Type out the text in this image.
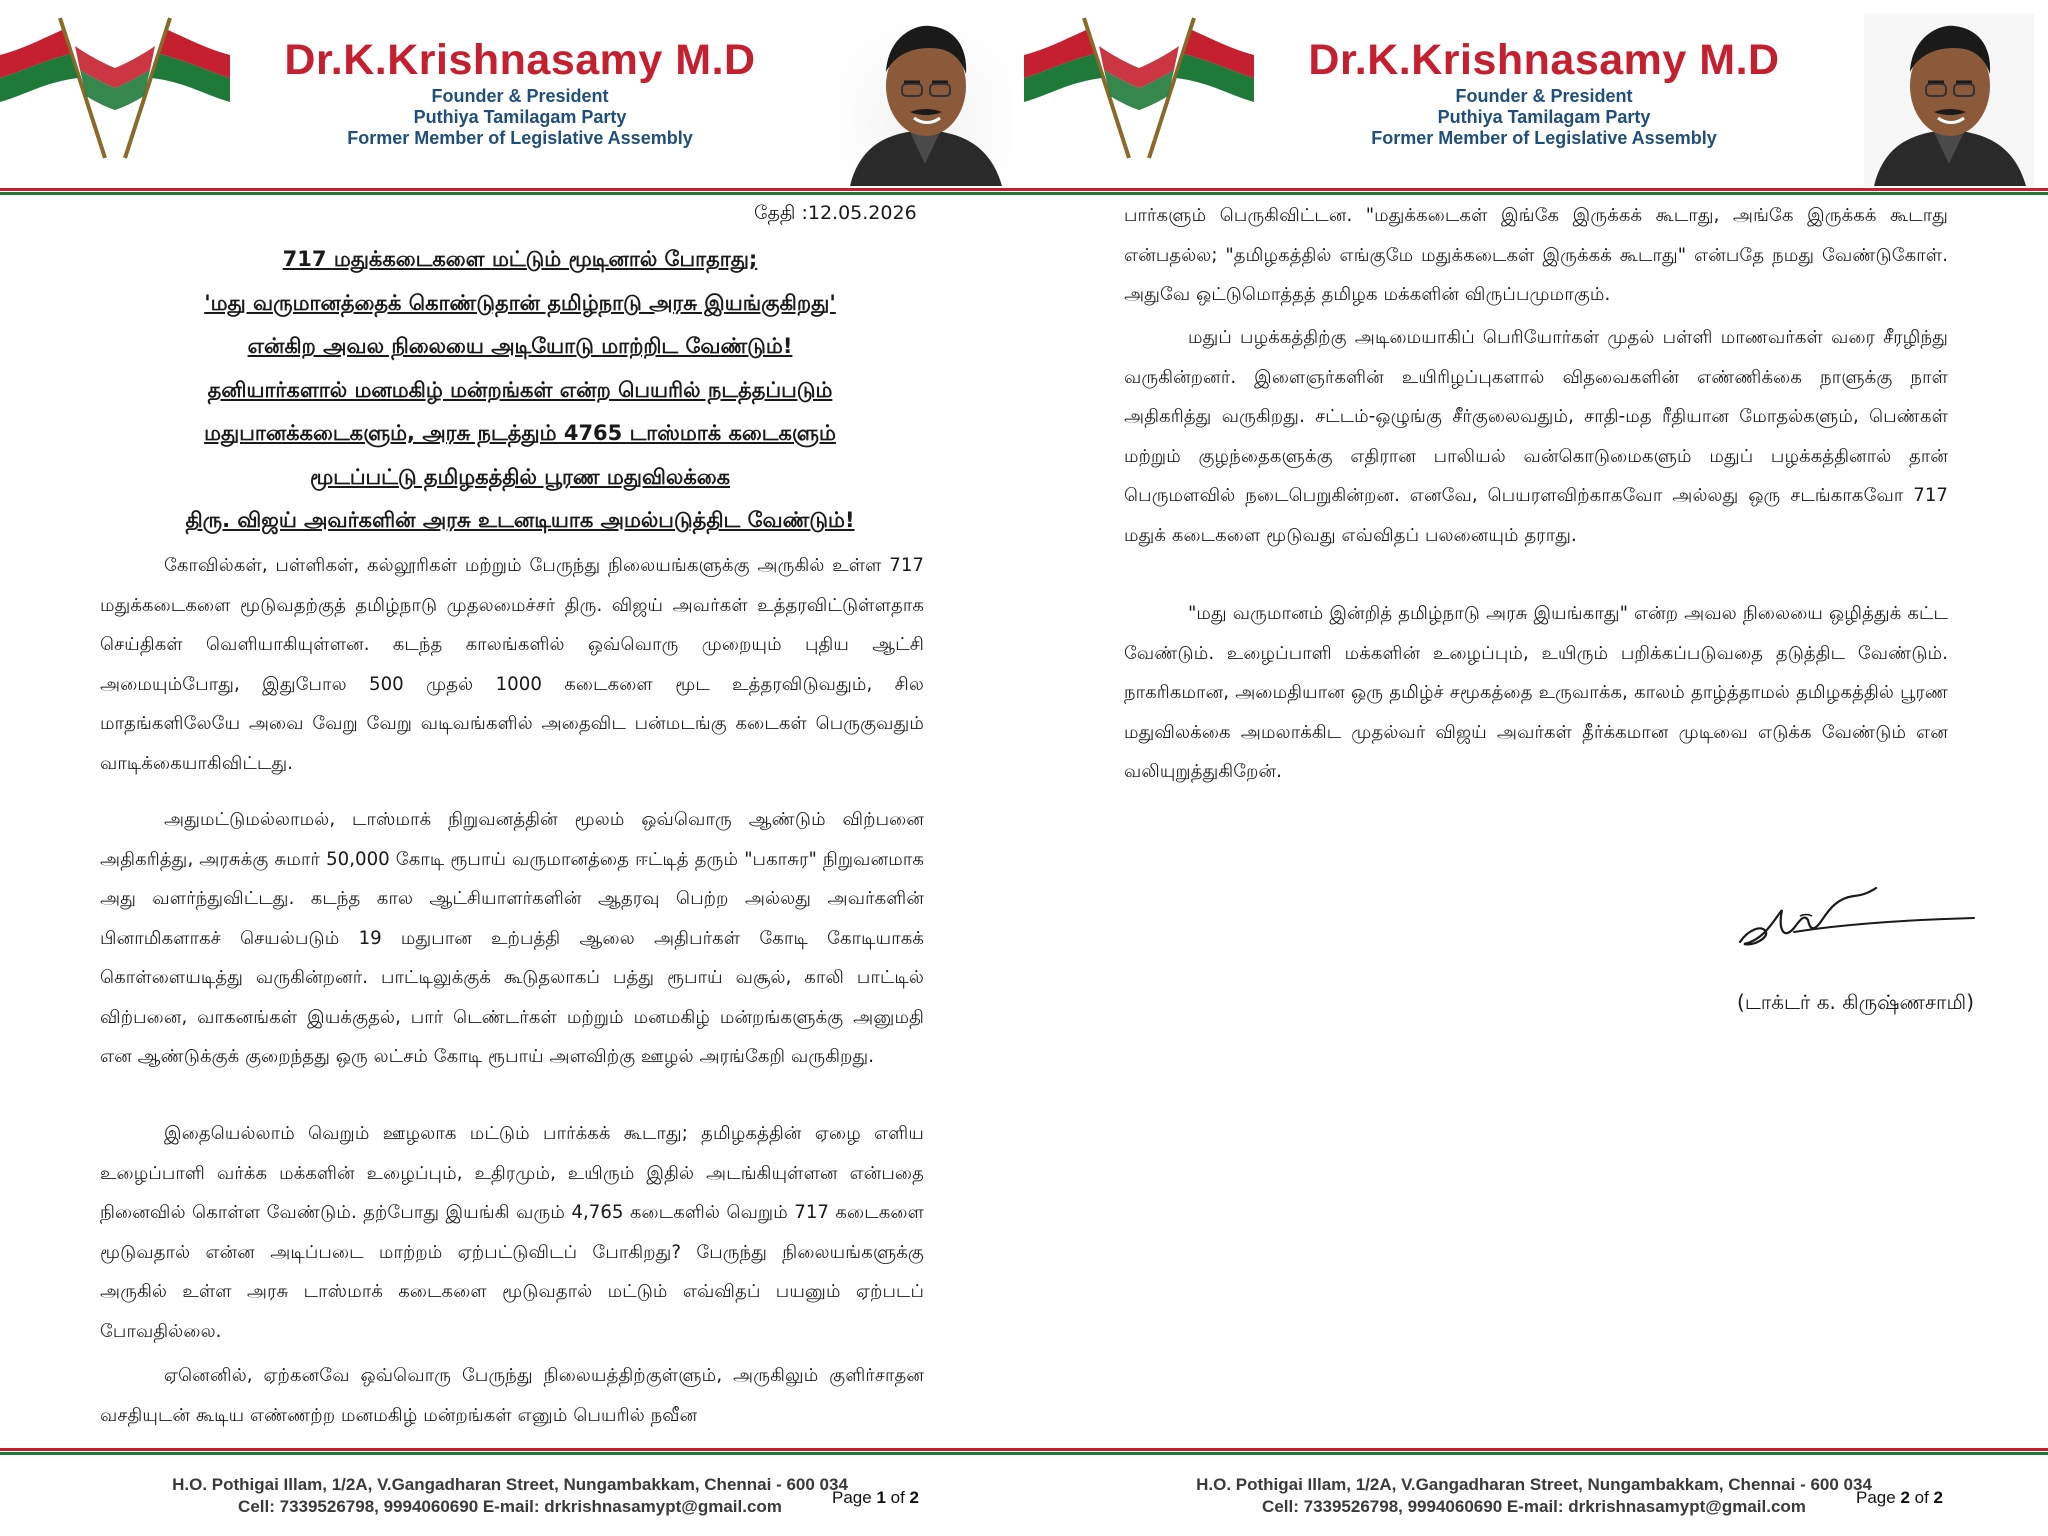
Dr.K.Krishnasamy M.D
Founder & President
Puthiya Tamilagam Party
Former Member of Legislative Assembly
தேதி :12.05.2026
717 மதுக்கடைகளை மட்டும் மூடினால் போதாது;
'மது வருமானத்தைக் கொண்டுதான் தமிழ்நாடு அரசு இயங்குகிறது'
என்கிற அவல நிலையை அடியோடு மாற்றிட வேண்டும்!
தனியார்களால் மனமகிழ் மன்றங்கள் என்ற பெயரில் நடத்தப்படும்
மதுபானக்கடைகளும், அரசு நடத்தும் 4765 டாஸ்மாக் கடைகளும்
மூடப்பட்டு தமிழகத்தில் பூரண மதுவிலக்கை
திரு. விஜய் அவர்களின் அரசு உடனடியாக அமல்படுத்திட வேண்டும்!

கோவில்கள், பள்ளிகள், கல்லூரிகள் மற்றும் பேருந்து நிலையங்களுக்கு அருகில் உள்ள 717 மதுக்கடைகளை மூடுவதற்குத் தமிழ்நாடு முதலமைச்சர் திரு. விஜய் அவர்கள் உத்தரவிட்டுள்ளதாக செய்திகள் வெளியாகியுள்ளன. கடந்த காலங்களில் ஒவ்வொரு முறையும் புதிய ஆட்சி அமையும்போது, இதுபோல 500 முதல் 1000 கடைகளை மூட உத்தரவிடுவதும், சில மாதங்களிலேயே அவை வேறு வேறு வடிவங்களில் அதைவிட பன்மடங்கு கடைகள் பெருகுவதும் வாடிக்கையாகிவிட்டது.

அதுமட்டுமல்லாமல், டாஸ்மாக் நிறுவனத்தின் மூலம் ஒவ்வொரு ஆண்டும் விற்பனை அதிகரித்து, அரசுக்கு சுமார் 50,000 கோடி ரூபாய் வருமானத்தை ஈட்டித் தரும் "பகாசுர" நிறுவனமாக அது வளர்ந்துவிட்டது. கடந்த கால ஆட்சியாளர்களின் ஆதரவு பெற்ற அல்லது அவர்களின் பினாமிகளாகச் செயல்படும் 19 மதுபான உற்பத்தி ஆலை அதிபர்கள் கோடி கோடியாகக் கொள்ளையடித்து வருகின்றனர். பாட்டிலுக்குக் கூடுதலாகப் பத்து ரூபாய் வசூல், காலி பாட்டில் விற்பனை, வாகனங்கள் இயக்குதல், பார் டெண்டர்கள் மற்றும் மனமகிழ் மன்றங்களுக்கு அனுமதி என ஆண்டுக்குக் குறைந்தது ஒரு லட்சம் கோடி ரூபாய் அளவிற்கு ஊழல் அரங்கேறி வருகிறது.

இதையெல்லாம் வெறும் ஊழலாக மட்டும் பார்க்கக் கூடாது; தமிழகத்தின் ஏழை எளிய உழைப்பாளி வர்க்க மக்களின் உழைப்பும், உதிரமும், உயிரும் இதில் அடங்கியுள்ளன என்பதை நினைவில் கொள்ள வேண்டும். தற்போது இயங்கி வரும் 4,765 கடைகளில் வெறும் 717 கடைகளை மூடுவதால் என்ன அடிப்படை மாற்றம் ஏற்பட்டுவிடப் போகிறது? பேருந்து நிலையங்களுக்கு அருகில் உள்ள அரசு டாஸ்மாக் கடைகளை மூடுவதால் மட்டும் எவ்விதப் பயனும் ஏற்படப் போவதில்லை.

ஏனெனில், ஏற்கனவே ஒவ்வொரு பேருந்து நிலையத்திற்குள்ளும், அருகிலும் குளிர்சாதன வசதியுடன் கூடிய எண்ணற்ற மனமகிழ் மன்றங்கள் எனும் பெயரில் நவீன

H.O. Pothigai Illam, 1/2A, V.Gangadharan Street, Nungambakkam, Chennai - 600 034
Cell: 7339526798, 9994060690 E-mail: drkrishnasamypt@gmail.com	Page 1 of 2
Dr.K.Krishnasamy M.D
Founder & President
Puthiya Tamilagam Party
Former Member of Legislative Assembly

பார்களும் பெருகிவிட்டன. "மதுக்கடைகள் இங்கே இருக்கக் கூடாது, அங்கே இருக்கக் கூடாது என்பதல்ல; "தமிழகத்தில் எங்குமே மதுக்கடைகள் இருக்கக் கூடாது" என்பதே நமது வேண்டுகோள். அதுவே ஒட்டுமொத்தத் தமிழக மக்களின் விருப்பமுமாகும்.

மதுப் பழக்கத்திற்கு அடிமையாகிப் பெரியோர்கள் முதல் பள்ளி மாணவர்கள் வரை சீரழிந்து வருகின்றனர். இளைஞர்களின் உயிரிழப்புகளால் விதவைகளின் எண்ணிக்கை நாளுக்கு நாள் அதிகரித்து வருகிறது. சட்டம்-ஒழுங்கு சீர்குலைவதும், சாதி-மத ரீதியான மோதல்களும், பெண்கள் மற்றும் குழந்தைகளுக்கு எதிரான பாலியல் வன்கொடுமைகளும் மதுப் பழக்கத்தினால் தான் பெருமளவில் நடைபெறுகின்றன. எனவே, பெயரளவிற்காகவோ அல்லது ஒரு சடங்காகவோ 717 மதுக் கடைகளை மூடுவது எவ்விதப் பலனையும் தராது.

"மது வருமானம் இன்றித் தமிழ்நாடு அரசு இயங்காது" என்ற அவல நிலையை ஒழித்துக் கட்ட வேண்டும். உழைப்பாளி மக்களின் உழைப்பும், உயிரும் பறிக்கப்படுவதை தடுத்திட வேண்டும். நாகரிகமான, அமைதியான ஒரு தமிழ்ச் சமூகத்தை உருவாக்க, காலம் தாழ்த்தாமல் தமிழகத்தில் பூரண மதுவிலக்கை அமலாக்கிட முதல்வர் விஜய் அவர்கள் தீர்க்கமான முடிவை எடுக்க வேண்டும் என வலியுறுத்துகிறேன்.

(டாக்டர் க. கிருஷ்ணசாமி)
H.O. Pothigai Illam, 1/2A, V.Gangadharan Street, Nungambakkam, Chennai - 600 034
Cell: 7339526798, 9994060690 E-mail: drkrishnasamypt@gmail.com	Page 2 of 2
